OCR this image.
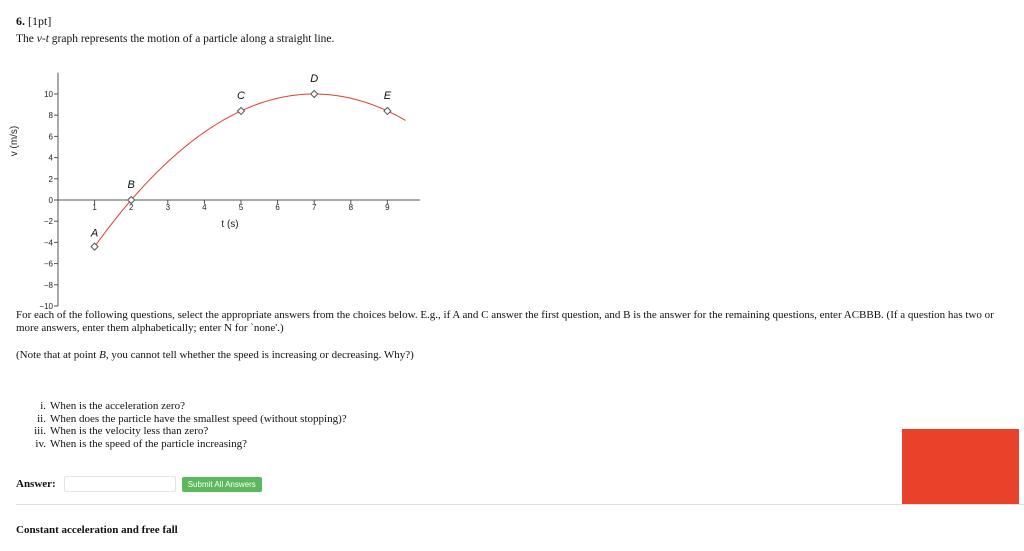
6. [1pt]
The v-t graph represents the motion of a particle along a straight line.
10
8
6
4
2
0
−2
−4
−6
−8
−10
1	2	3	4	5	6	7	8	9
A
B
C
D
E
t (s)
v (m/s)
For each of the following questions, select the appropriate answers from the choices below. E.g., if A and C answer the first question, and B is the answer for the remaining questions, enter ACBBB. (If a question has two or more answers, enter them alphabetically; enter N for `none'.)
(Note that at point B, you cannot tell whether the speed is increasing or decreasing. Why?)
i. When is the acceleration zero?
ii. When does the particle have the smallest speed (without stopping)?
iii. When is the velocity less than zero?
iv. When is the speed of the particle increasing?
Answer:	Submit All Answers
Constant acceleration and free fall
